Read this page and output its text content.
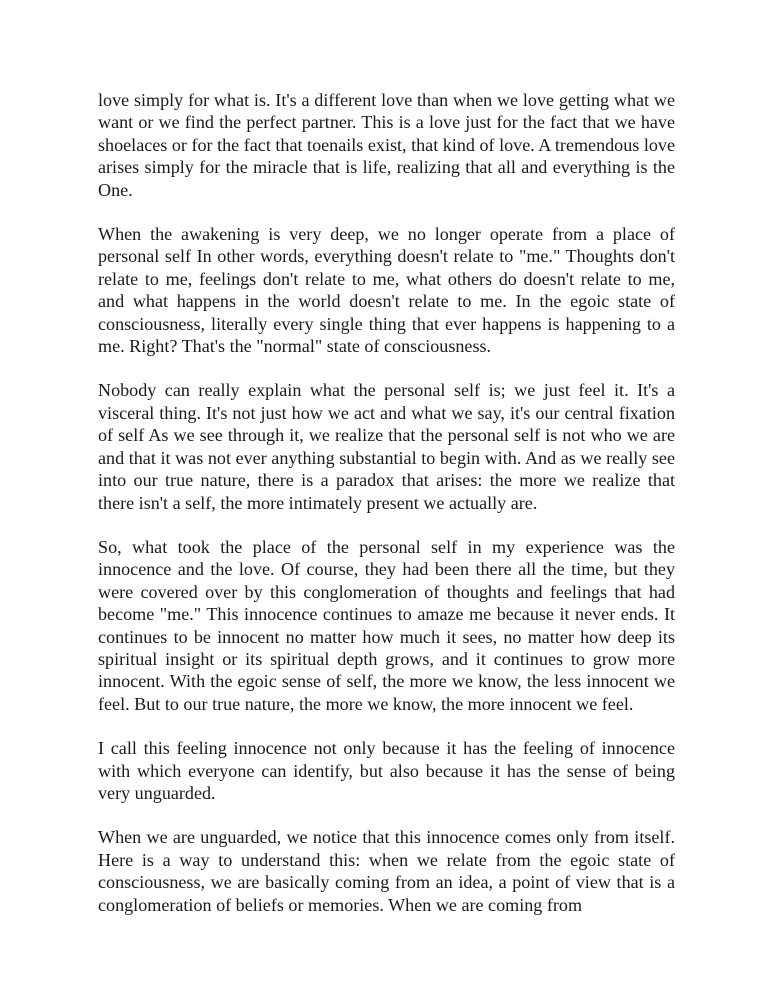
love simply for what is. It's a different love than when we love getting what we want or we find the perfect partner. This is a love just for the fact that we have shoelaces or for the fact that toenails exist, that kind of love. A tremendous love arises simply for the miracle that is life, realizing that all and everything is the One.

When the awakening is very deep, we no longer operate from a place of personal self In other words, everything doesn't relate to "me." Thoughts don't relate to me, feelings don't relate to me, what others do doesn't relate to me, and what happens in the world doesn't relate to me. In the egoic state of consciousness, literally every single thing that ever happens is happening to a me. Right? That's the "normal" state of consciousness.

Nobody can really explain what the personal self is; we just feel it. It's a visceral thing. It's not just how we act and what we say, it's our central fixation of self As we see through it, we realize that the personal self is not who we are and that it was not ever anything substantial to begin with. And as we really see into our true nature, there is a paradox that arises: the more we realize that there isn't a self, the more intimately present we actually are.

So, what took the place of the personal self in my experience was the innocence and the love. Of course, they had been there all the time, but they were covered over by this conglomeration of thoughts and feelings that had become "me." This innocence continues to amaze me because it never ends. It continues to be innocent no matter how much it sees, no matter how deep its spiritual insight or its spiritual depth grows, and it continues to grow more innocent. With the egoic sense of self, the more we know, the less innocent we feel. But to our true nature, the more we know, the more innocent we feel.

I call this feeling innocence not only because it has the feeling of innocence with which everyone can identify, but also because it has the sense of being very unguarded.

When we are unguarded, we notice that this innocence comes only from itself. Here is a way to understand this: when we relate from the egoic state of consciousness, we are basically coming from an idea, a point of view that is a conglomeration of beliefs or memories. When we are coming from
